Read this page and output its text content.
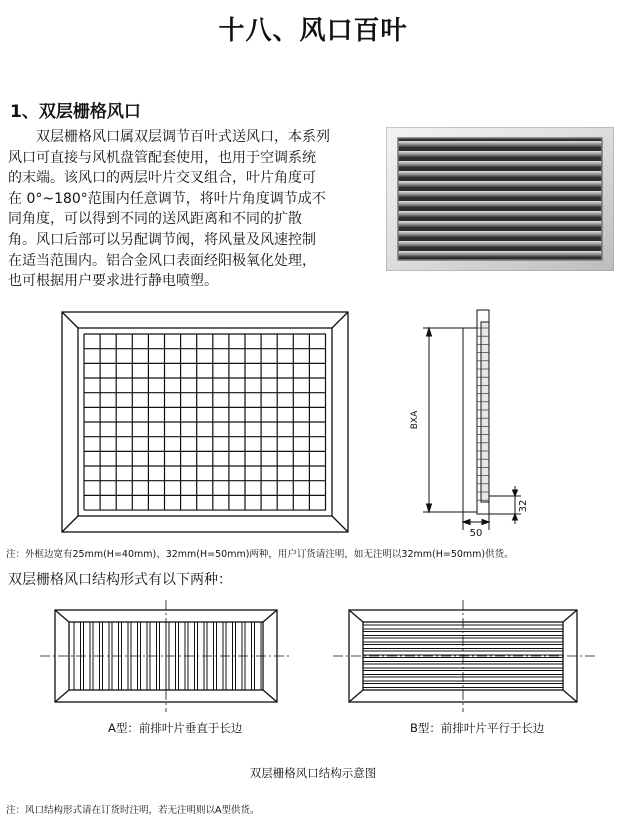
十八、风口百叶
1、双层栅格风口

双层栅格风口属双层调节百叶式送风口，本系列

风口可直接与风机盘管配套使用，也用于空调系统

的末端。该风口的两层叶片交叉组合，叶片角度可

在 0°~180°范围内任意调节，将叶片角度调节成不

同角度，可以得到不同的送风距离和不同的扩散

角。风口后部可以另配调节阀，将风量及风速控制

在适当范围内。铝合金风口表面经阳极氧化处理，

也可根据用户要求进行静电喷塑。

BXA
50
32
注：外框边宽有25mm(H=40mm)、32mm(H=50mm)两种，用户订货请注明，如无注明以32mm(H=50mm)供货。
双层栅格风口结构形式有以下两种：
A型：前排叶片垂直于长边	B型：前排叶片平行于长边
双层栅格风口结构示意图
注：风口结构形式请在订货时注明，若无注明则以A型供货。
